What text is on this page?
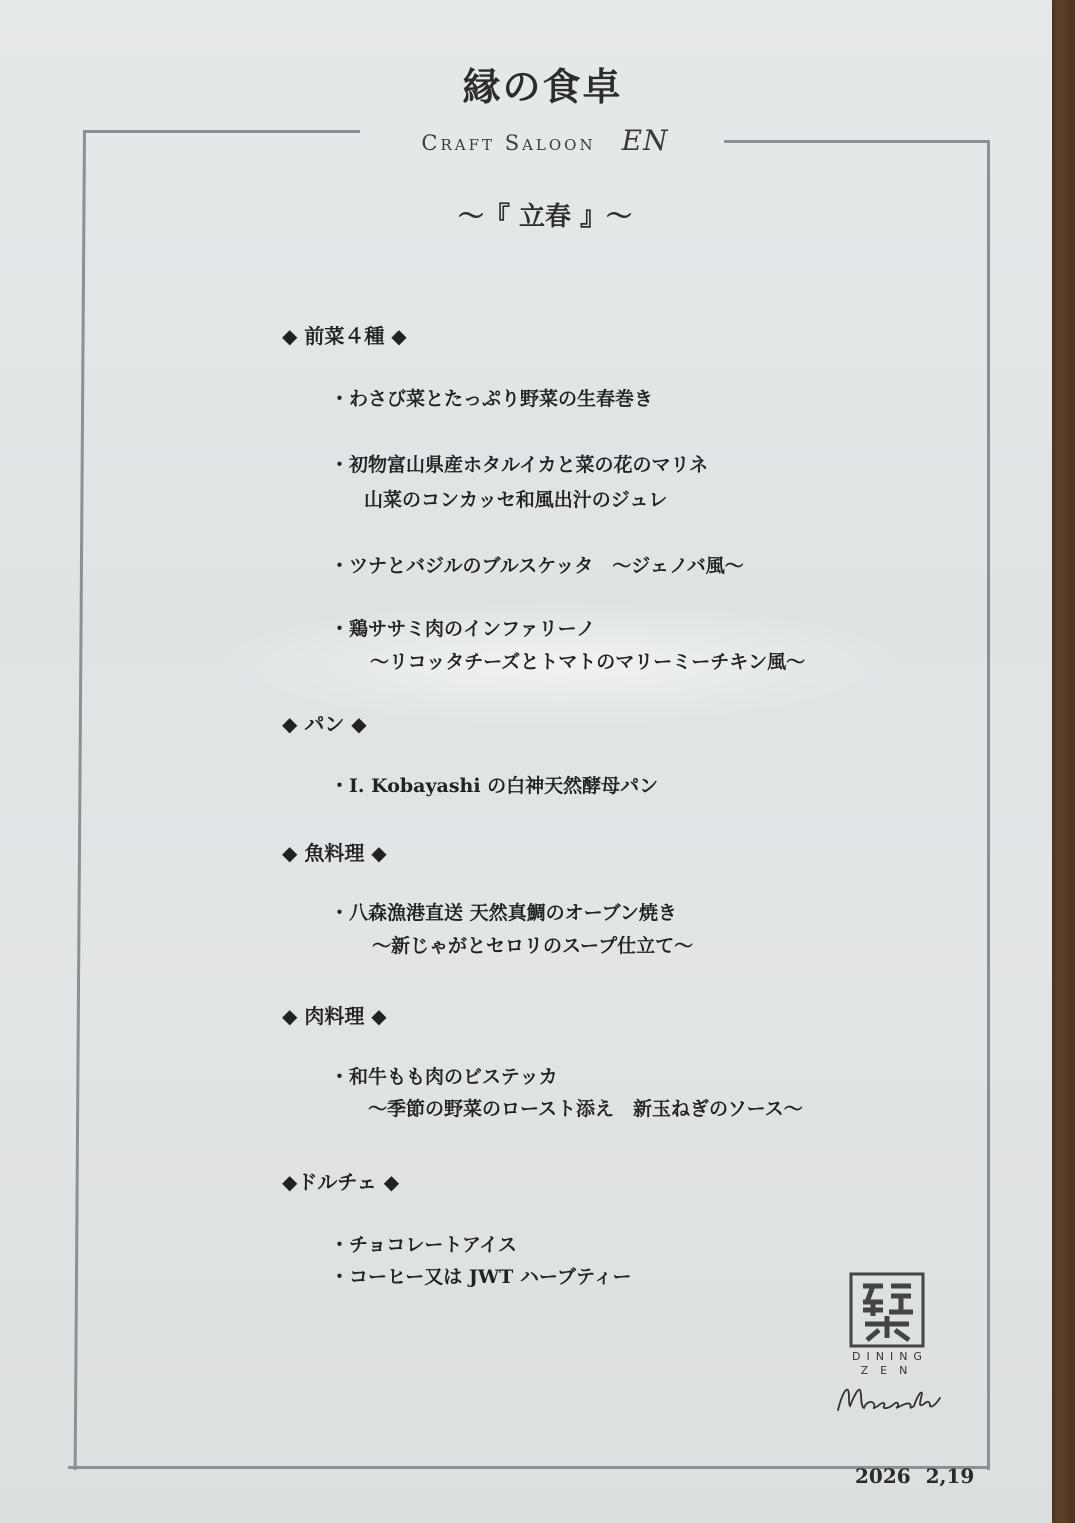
縁の食卓
Craft Saloon EN
～『 立春 』～
◆ 前菜４種 ◆
・わさび菜とたっぷり野菜の生春巻き
・初物富山県産ホタルイカと菜の花のマリネ
山菜のコンカッセ和風出汁のジュレ
・ツナとバジルのブルスケッタ　～ジェノバ風～
・鶏ササミ肉のインファリーノ
～リコッタチーズとトマトのマリーミーチキン風～
◆ パン ◆
・I. Kobayashi の白神天然酵母パン
◆ 魚料理 ◆
・八森漁港直送 天然真鯛のオーブン焼き
～新じゃがとセロリのスープ仕立て～
◆ 肉料理 ◆
・和牛もも肉のビステッカ
～季節の野菜のロースト添え　新玉ねぎのソース～
◆ドルチェ ◆
・チョコレートアイス
・コーヒー又は JWT ハーブティー
DINING
ZEN
2026 2,19
